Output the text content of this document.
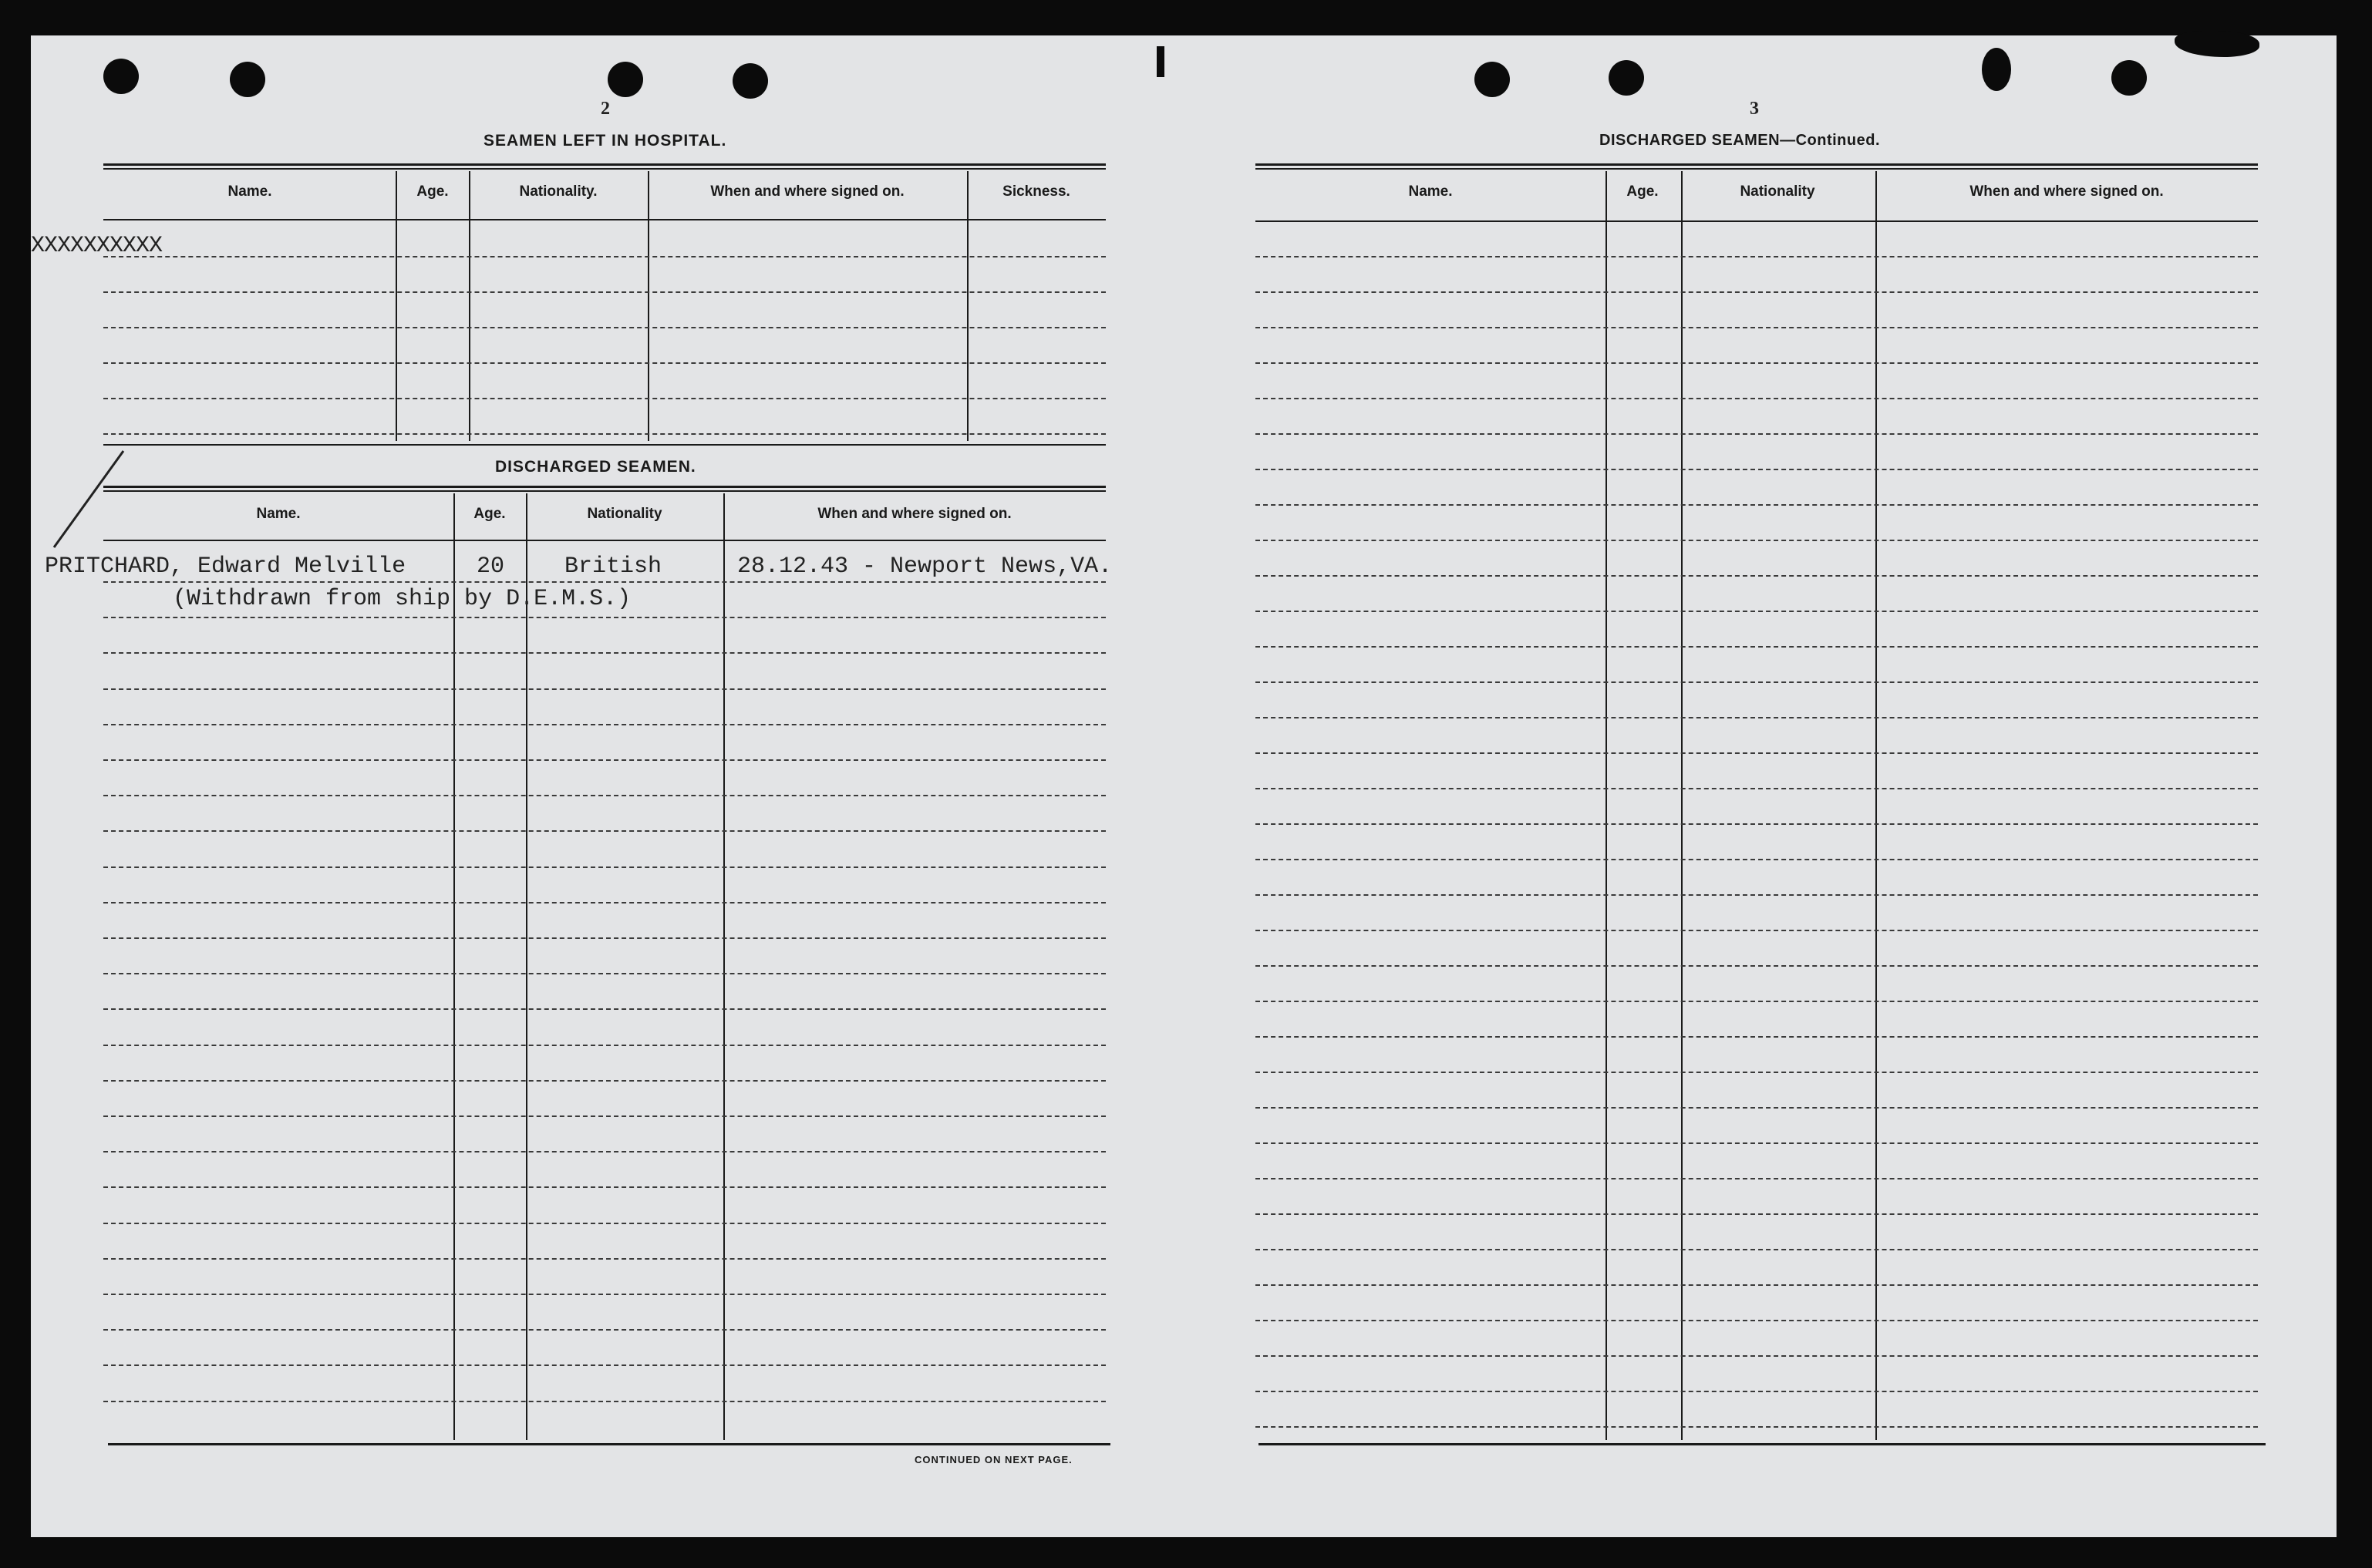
2
SEAMEN LEFT IN HOSPITAL.
Name.	Age.	Nationality.	When and where signed on.	Sickness.
XXXXXXXXXX
DISCHARGED SEAMEN.
Name.	Age.	Nationality	When and where signed on.
PRITCHARD, Edward Melville	20	British	28.12.43 - Newport News,VA.
(Withdrawn from ship by D.E.M.S.)
CONTINUED ON NEXT PAGE.
3
DISCHARGED SEAMEN—Continued.
Name.	Age.	Nationality	When and where signed on.
